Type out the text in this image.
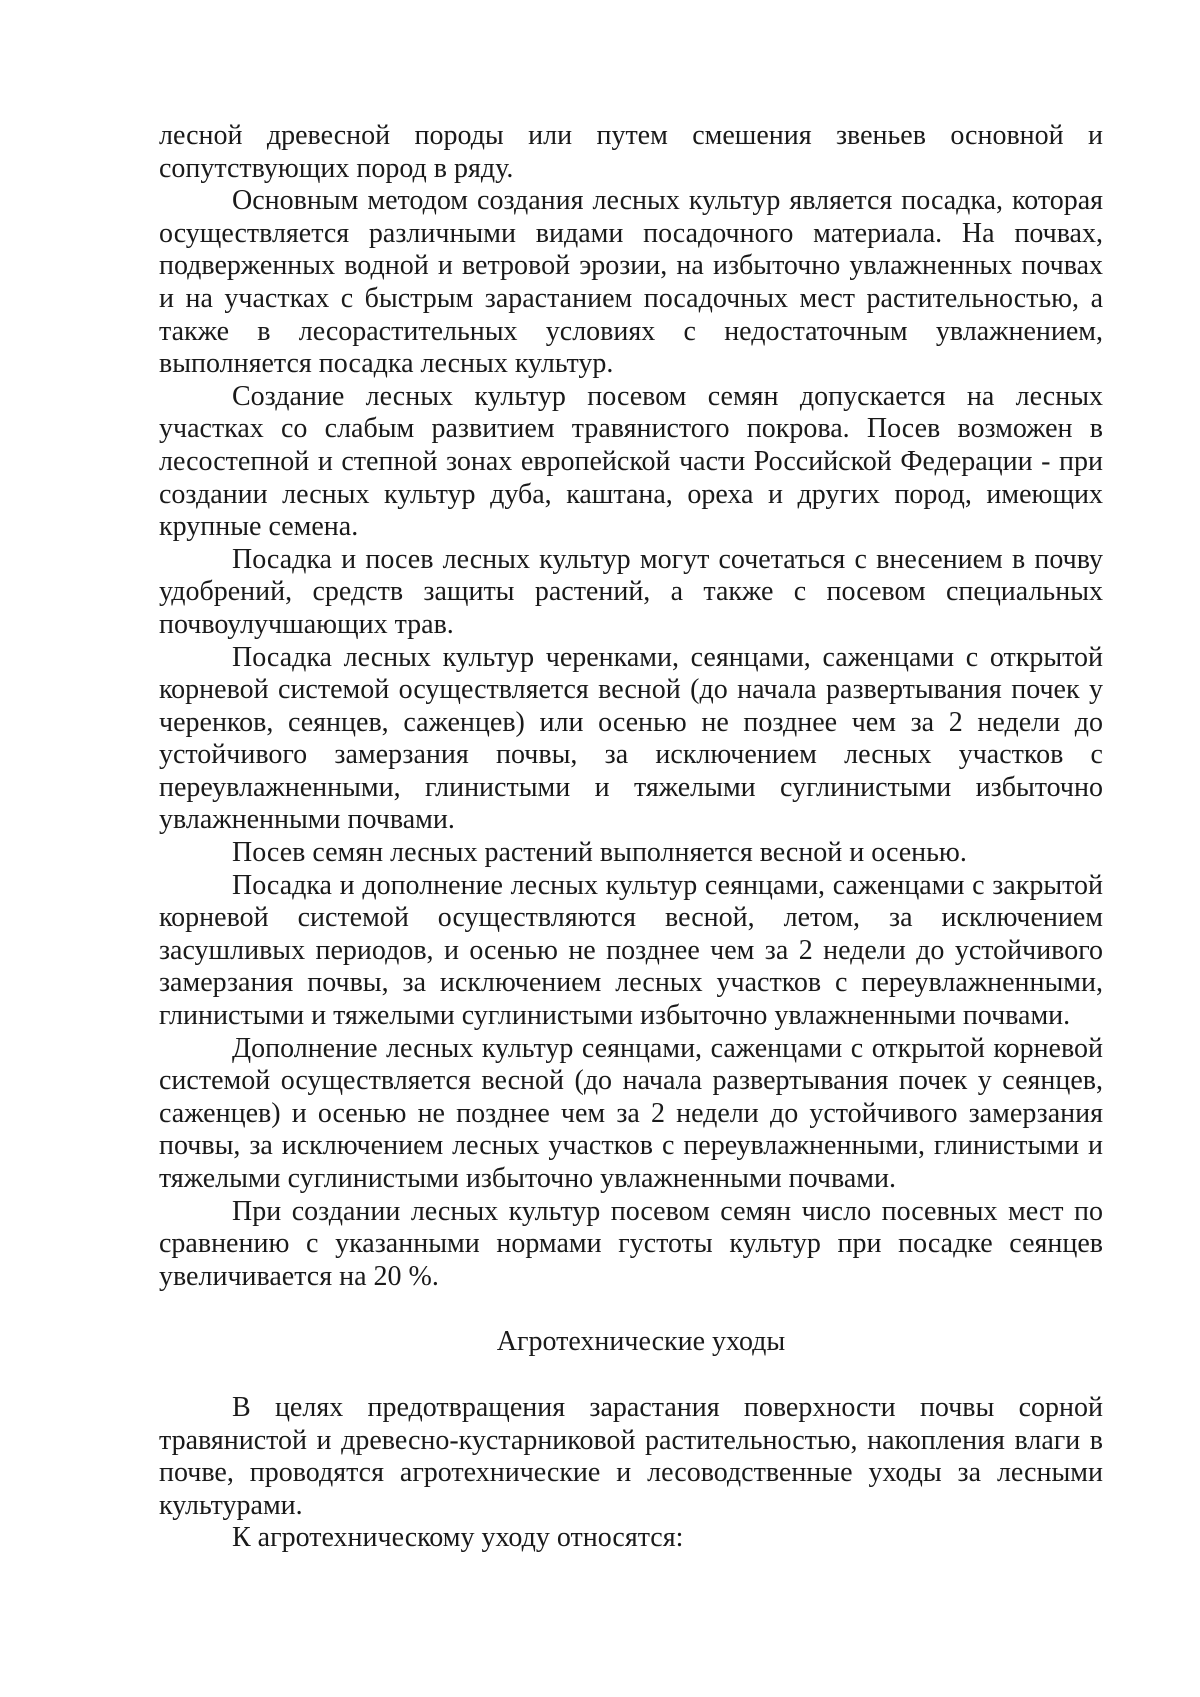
лесной древесной породы или путем смешения звеньев основной и сопутствующих пород в ряду.

Основным методом создания лесных культур является посадка, которая осуществляется различными видами посадочного материала. На почвах, подверженных водной и ветровой эрозии, на избыточно увлажненных почвах и на участках с быстрым зарастанием посадочных мест растительностью, а также в лесорастительных условиях с недостаточным увлажнением, выполняется посадка лесных культур.

Создание лесных культур посевом семян допускается на лесных участках со слабым развитием травянистого покрова. Посев возможен в лесостепной и степной зонах европейской части Российской Федерации - при создании лесных культур дуба, каштана, ореха и других пород, имеющих крупные семена.

Посадка и посев лесных культур могут сочетаться с внесением в почву удобрений, средств защиты растений, а также с посевом специальных почвоулучшающих трав.

Посадка лесных культур черенками, сеянцами, саженцами с открытой корневой системой осуществляется весной (до начала развертывания почек у черенков, сеянцев, саженцев) или осенью не позднее чем за 2 недели до устойчивого замерзания почвы, за исключением лесных участков с переувлажненными, глинистыми и тяжелыми суглинистыми избыточно увлажненными почвами.

Посев семян лесных растений выполняется весной и осенью.

Посадка и дополнение лесных культур сеянцами, саженцами с закрытой корневой системой осуществляются весной, летом, за исключением засушливых периодов, и осенью не позднее чем за 2 недели до устойчивого замерзания почвы, за исключением лесных участков с переувлажненными, глинистыми и тяжелыми суглинистыми избыточно увлажненными почвами.

Дополнение лесных культур сеянцами, саженцами с открытой корневой системой осуществляется весной (до начала развертывания почек у сеянцев, саженцев) и осенью не позднее чем за 2 недели до устойчивого замерзания почвы, за исключением лесных участков с переувлажненными, глинистыми и тяжелыми суглинистыми избыточно увлажненными почвами.

При создании лесных культур посевом семян число посевных мест по сравнению с указанными нормами густоты культур при посадке сеянцев увеличивается на 20 %.

Агротехнические уходы

В целях предотвращения зарастания поверхности почвы сорной травянистой и древесно-кустарниковой растительностью, накопления влаги в почве, проводятся агротехнические и лесоводственные уходы за лесными культурами.

К агротехническому уходу относятся:
